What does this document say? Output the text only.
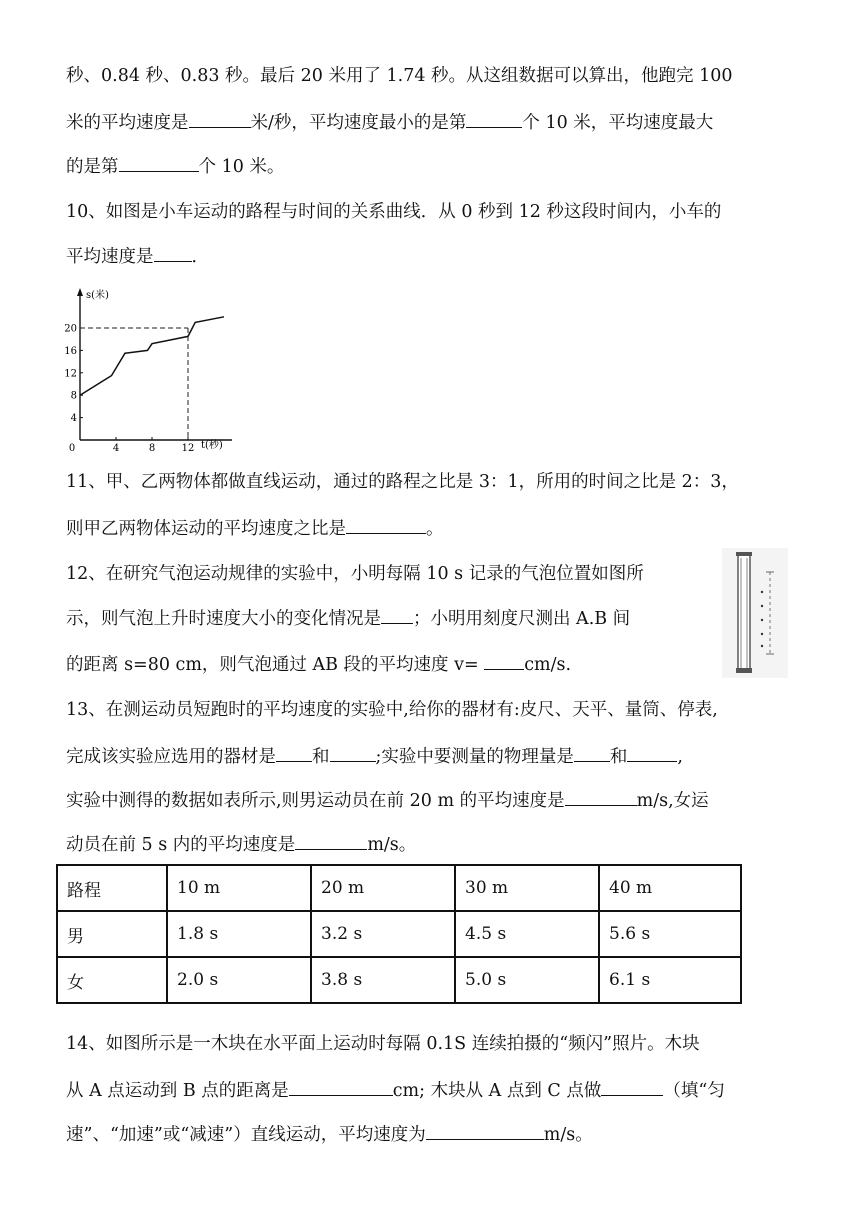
秒、0.84 秒、0.83 秒。最后 20 米用了 1.74 秒。从这组数据可以算出，他跑完 100
米的平均速度是	米/秒，平均速度最小的是第	个 10 米，平均速度最大
的是第	个 10 米。
10、如图是小车运动的路程与时间的关系曲线．从 0 秒到 12 秒这段时间内，小车的
平均速度是 ．
s(米)
t(秒)
20
16
12
8
4
0	4	8	12
11、甲、乙两物体都做直线运动，通过的路程之比是 3：1，所用的时间之比是 2：3，
则甲乙两物体运动的平均速度之比是	。
12、在研究气泡运动规律的实验中，小明每隔 10 s 记录的气泡位置如图所
示，则气泡上升时速度大小的变化情况是 ；小明用刻度尺测出 A.B 间
的距离 s=80 cm，则气泡通过 AB 段的平均速度 v=	cm/s.
13、在测运动员短跑时的平均速度的实验中,给你的器材有:皮尺、天平、量筒、停表,
完成该实验应选用的器材是 和	;实验中要测量的物理量是 和	,
实验中测得的数据如表所示,则男运动员在前 20 m 的平均速度是	m/s,女运
动员在前 5 s 内的平均速度是	m/s。
路程	10 m	20 m	30 m	40 m
男	1.8 s	3.2 s	4.5 s	5.6 s
女	2.0 s	3.8 s	5.0 s	6.1 s
14、如图所示是一木块在水平面上运动时每隔 0.1S 连续拍摄的“频闪”照片。木块
从 A 点运动到 B 点的距离是	cm; 木块从 A 点到 C 点做	（填“匀
速”、“加速”或“减速”）直线运动，平均速度为	m/s。
